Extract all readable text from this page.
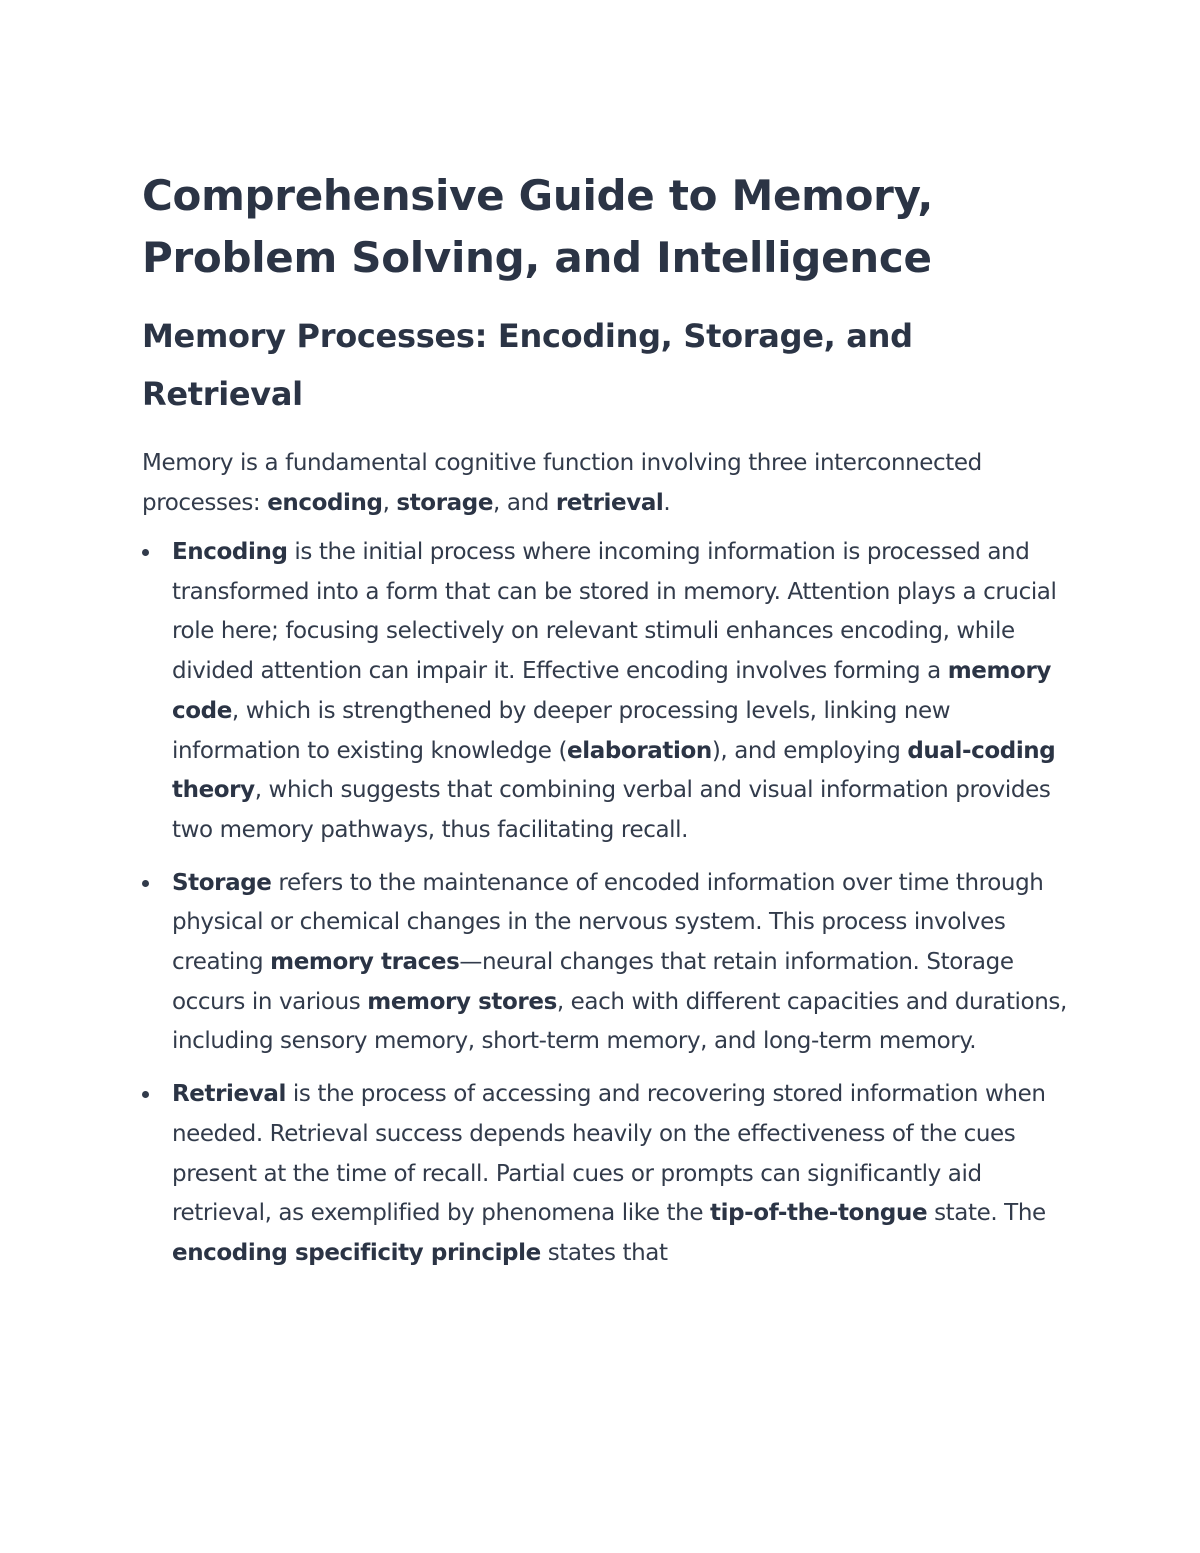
Comprehensive Guide to Memory, Problem Solving, and Intelligence
Memory Processes: Encoding, Storage, and Retrieval

Memory is a fundamental cognitive function involving three interconnected processes: encoding, storage, and retrieval.

Encoding is the initial process where incoming information is processed and transformed into a form that can be stored in memory. Attention plays a crucial role here; focusing selectively on relevant stimuli enhances encoding, while divided attention can impair it. Effective encoding involves forming a memory code, which is strengthened by deeper processing levels, linking new information to existing knowledge (elaboration), and employing dual-coding theory, which suggests that combining verbal and visual information provides two memory pathways, thus facilitating recall.
Storage refers to the maintenance of encoded information over time through physical or chemical changes in the nervous system. This process involves creating memory traces—neural changes that retain information. Storage occurs in various memory stores, each with different capacities and durations, including sensory memory, short-term memory, and long-term memory.
Retrieval is the process of accessing and recovering stored information when needed. Retrieval success depends heavily on the effectiveness of the cues present at the time of recall. Partial cues or prompts can significantly aid retrieval, as exemplified by phenomena like the tip-of-the-tongue state. The encoding specificity principle states that
